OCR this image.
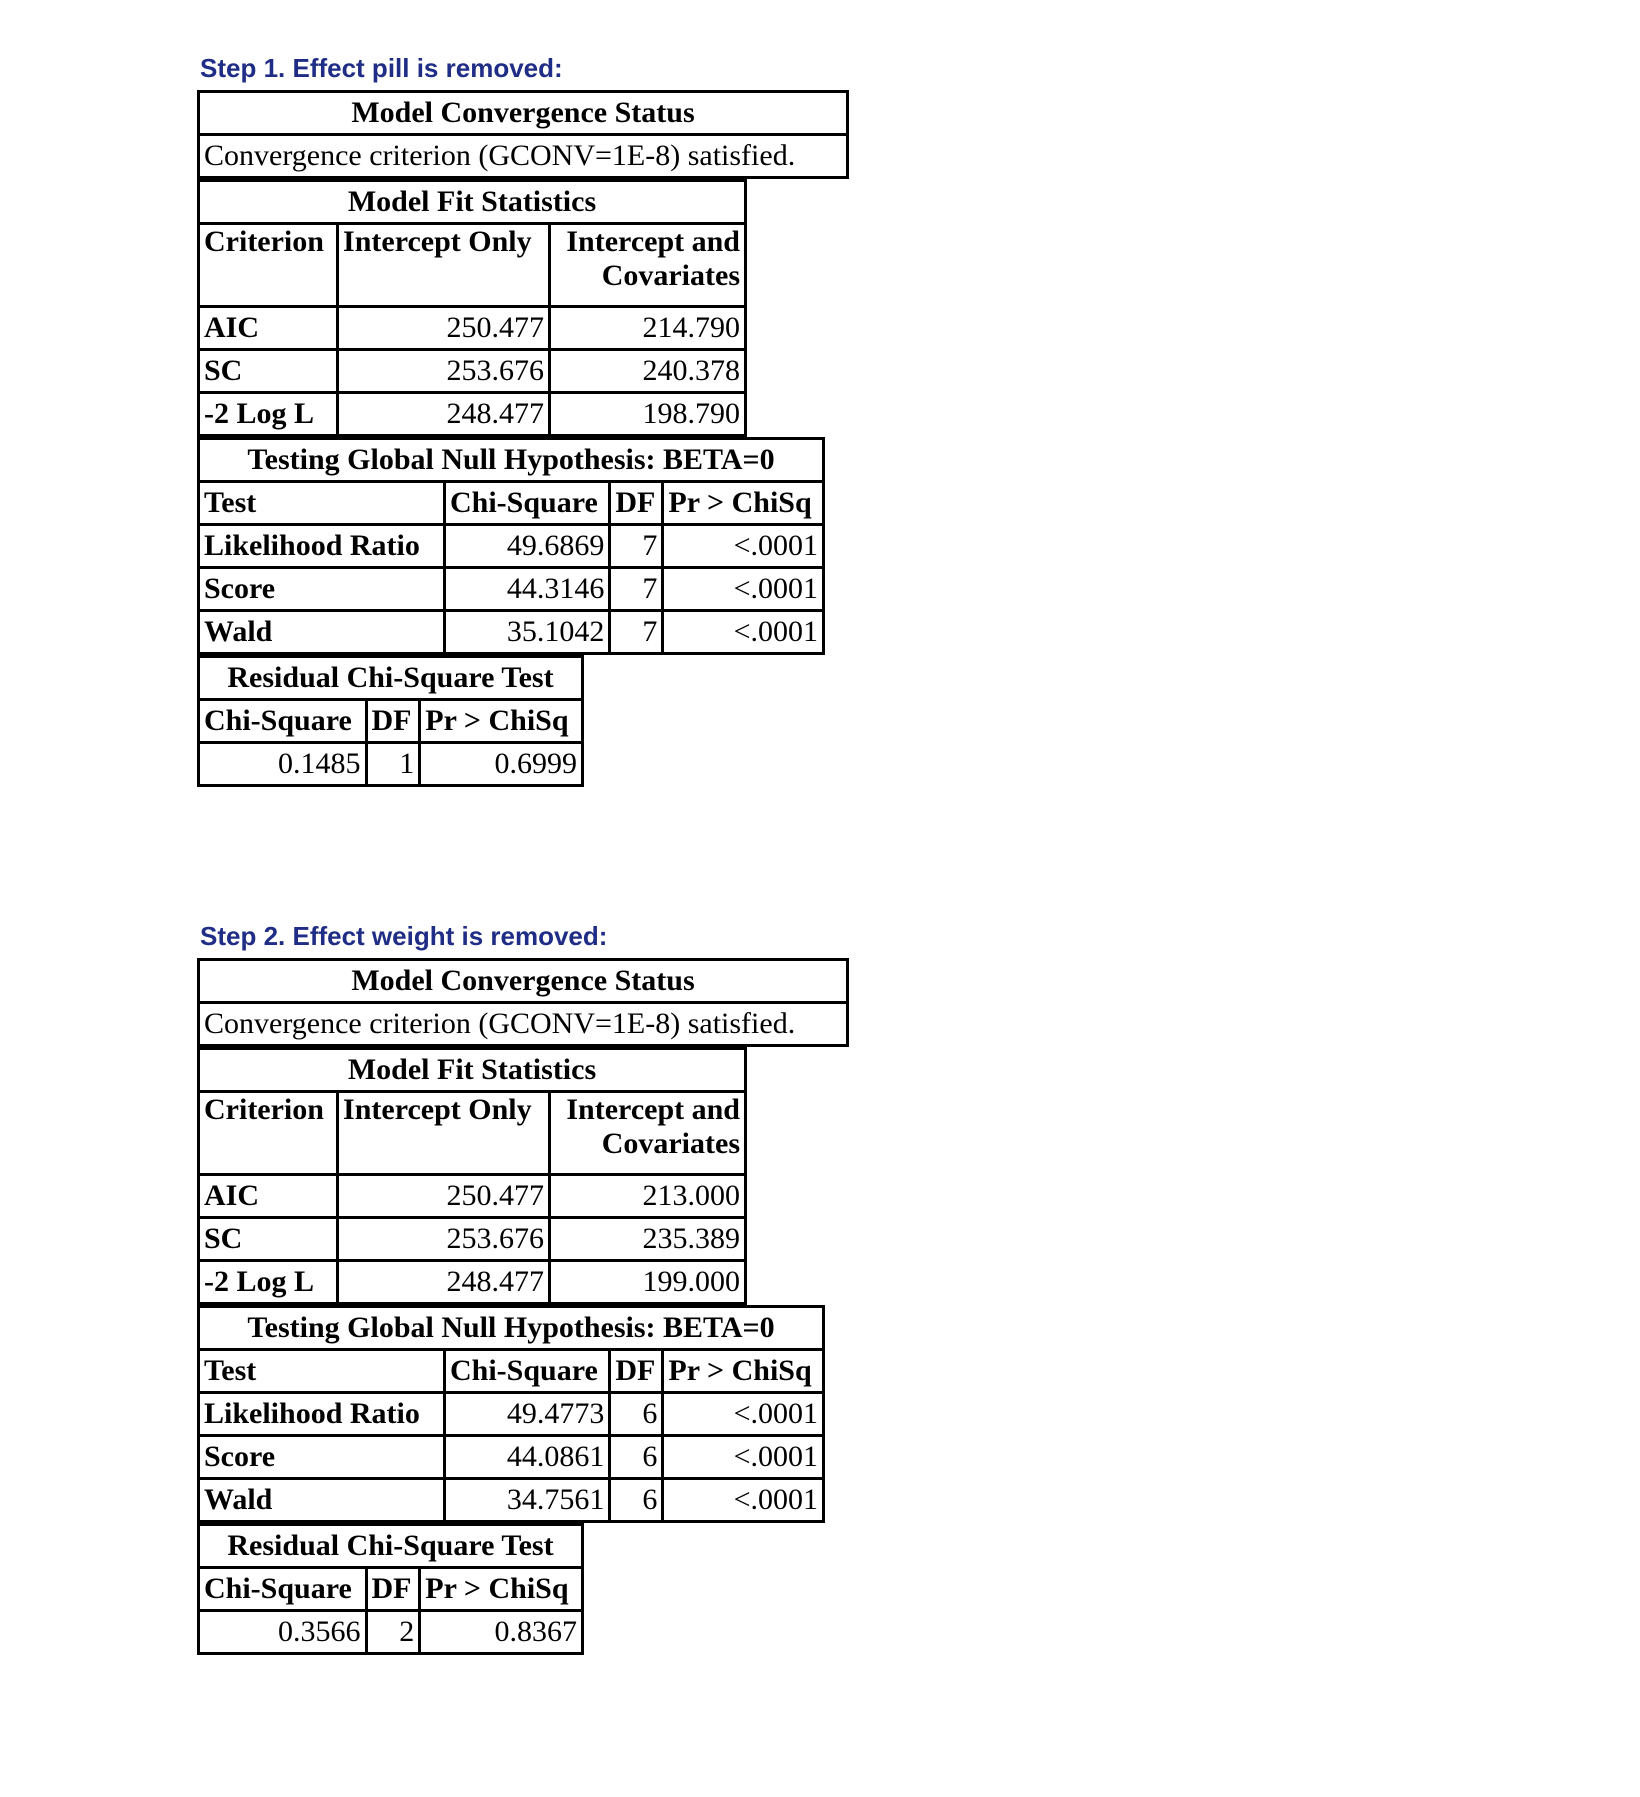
Step 1. Effect pill is removed:
Model Convergence Status
Convergence criterion (GCONV=1E-8) satisfied.
Model Fit Statistics		
Criterion	Intercept Only	Intercept and
Covariates
AIC	250.477	214.790
SC	253.676	240.378
-2 Log L	248.477	198.790
Testing Global Null Hypothesis: BETA=0			
Test	Chi-Square	DF	Pr > ChiSq
Likelihood Ratio	49.6869	7	<.0001
Score	44.3146	7	<.0001
Wald	35.1042	7	<.0001
Residual Chi-Square Test		
Chi-Square	DF	Pr > ChiSq
0.1485	1	0.6999
Step 2. Effect weight is removed:
Model Convergence Status
Convergence criterion (GCONV=1E-8) satisfied.
Model Fit Statistics		
Criterion	Intercept Only	Intercept and
Covariates
AIC	250.477	213.000
SC	253.676	235.389
-2 Log L	248.477	199.000
Testing Global Null Hypothesis: BETA=0			
Test	Chi-Square	DF	Pr > ChiSq
Likelihood Ratio	49.4773	6	<.0001
Score	44.0861	6	<.0001
Wald	34.7561	6	<.0001
Residual Chi-Square Test		
Chi-Square	DF	Pr > ChiSq
0.3566	2	0.8367
